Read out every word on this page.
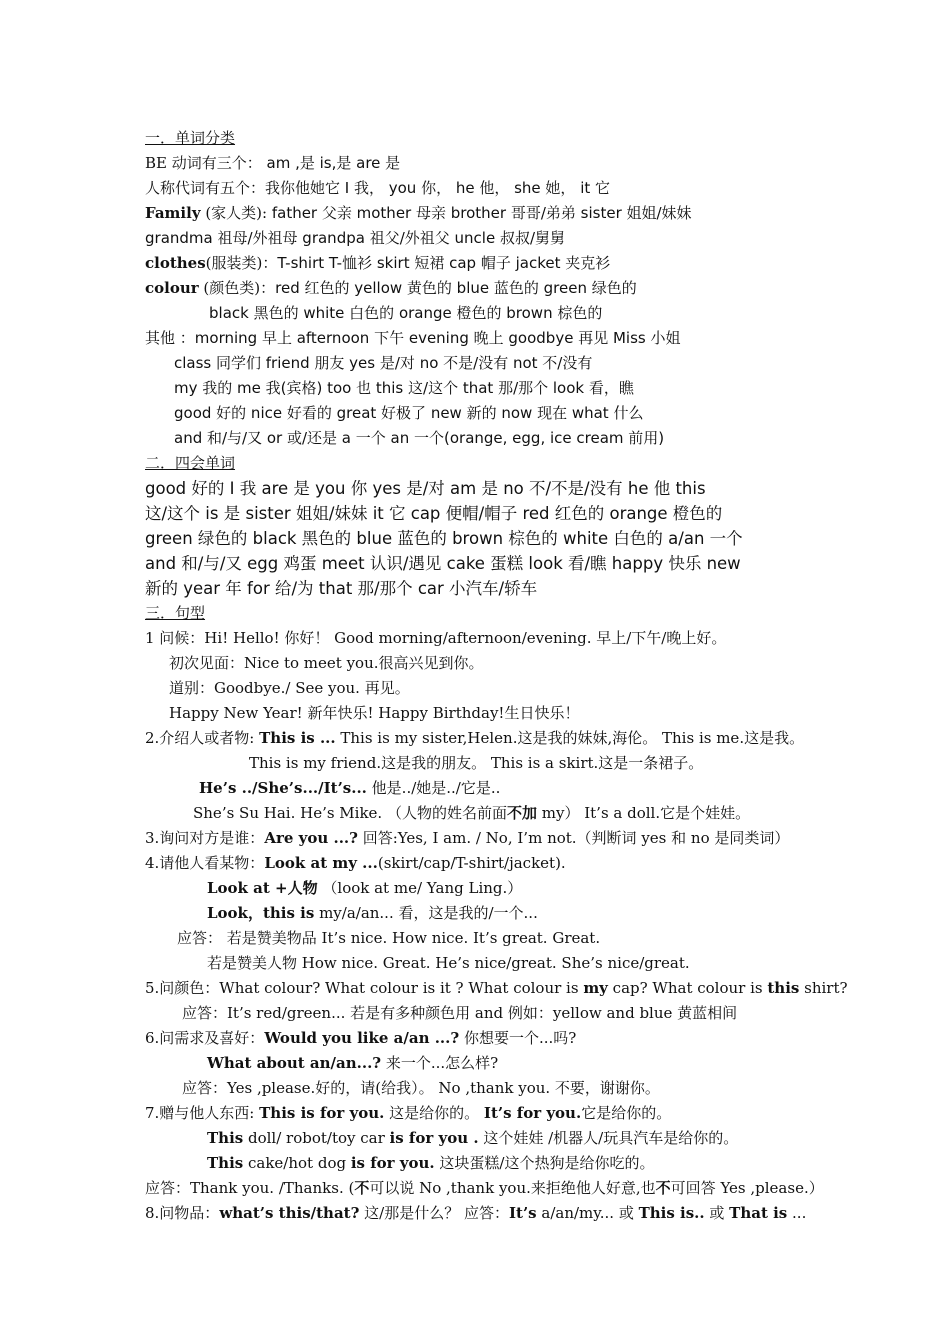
一．单词分类
BE 动词有三个： am ,是 is,是 are 是
人称代词有五个：我你他她它 I 我， you 你， he 他， she 她， it 它
Family (家人类): father 父亲 mother 母亲 brother 哥哥/弟弟 sister 姐姐/妹妹
grandma 祖母/外祖母 grandpa 祖父/外祖父 uncle 叔叔/舅舅
clothes(服装类)：T-shirt T-恤衫 skirt 短裙 cap 帽子 jacket 夹克衫
colour (颜色类)：red 红色的 yellow 黄色的 blue 蓝色的 green 绿色的
black 黑色的 white 白色的 orange 橙色的 brown 棕色的
其他 ：morning 早上 afternoon 下午 evening 晚上 goodbye 再见 Miss 小姐
class 同学们 friend 朋友 yes 是/对 no 不是/没有 not 不/没有
my 我的 me 我(宾格) too 也 this 这/这个 that 那/那个 look 看，瞧
good 好的 nice 好看的 great 好极了 new 新的 now 现在 what 什么
and 和/与/又 or 或/还是 a 一个 an 一个(orange, egg, ice cream 前用)
二．四会单词
good 好的 I 我 are 是 you 你 yes 是/对 am 是 no 不/不是/没有 he 他 this
这/这个 is 是 sister 姐姐/妹妹 it 它 cap 便帽/帽子 red 红色的 orange 橙色的
green 绿色的 black 黑色的 blue 蓝色的 brown 棕色的 white 白色的 a/an 一个
and 和/与/又 egg 鸡蛋 meet 认识/遇见 cake 蛋糕 look 看/瞧 happy 快乐 new
新的 year 年 for 给/为 that 那/那个 car 小汽车/轿车
三．句型
1 问候：Hi! Hello! 你好！ Good morning/afternoon/evening. 早上/下午/晚上好。
初次见面：Nice to meet you.很高兴见到你。
道别：Goodbye./ See you. 再见。
Happy New Year! 新年快乐! Happy Birthday!生日快乐！
2.介绍人或者物: This is ... This is my sister,Helen.这是我的妹妹,海伦。 This is me.这是我。
This is my friend.这是我的朋友。 This is a skirt.这是一条裙子。
He’s ../She’s.../It’s... 他是../她是../它是..
She’s Su Hai. He’s Mike. （人物的姓名前面不加 my） It’s a doll.它是个娃娃。
3.询问对方是谁：Are you ...? 回答:Yes, I am. / No, I’m not.（判断词 yes 和 no 是同类词）
4.请他人看某物：Look at my ...(skirt/cap/T-shirt/jacket).
Look at +人物 （look at me/ Yang Ling.）
Look，this is my/a/an... 看，这是我的/一个...
应答： 若是赞美物品 It’s nice. How nice. It’s great. Great.
若是赞美人物 How nice. Great. He’s nice/great. She’s nice/great.
5.问颜色：What colour? What colour is it ? What colour is my cap? What colour is this shirt?
应答：It’s red/green... 若是有多种颜色用 and 例如：yellow and blue 黄蓝相间
6.问需求及喜好：Would you like a/an ...? 你想要一个...吗?
What about an/an...? 来一个...怎么样?
应答：Yes ,please.好的，请(给我）。 No ,thank you. 不要，谢谢你。
7.赠与他人东西: This is for you. 这是给你的。 It’s for you.它是给你的。
This doll/ robot/toy car is for you . 这个娃娃 /机器人/玩具汽车是给你的。
This cake/hot dog is for you. 这块蛋糕/这个热狗是给你吃的。
应答：Thank you. /Thanks. (不可以说 No ,thank you.来拒绝他人好意,也不可回答 Yes ,please.）
8.问物品：what’s this/that? 这/那是什么？ 应答：It’s a/an/my... 或 This is.. 或 That is ...
